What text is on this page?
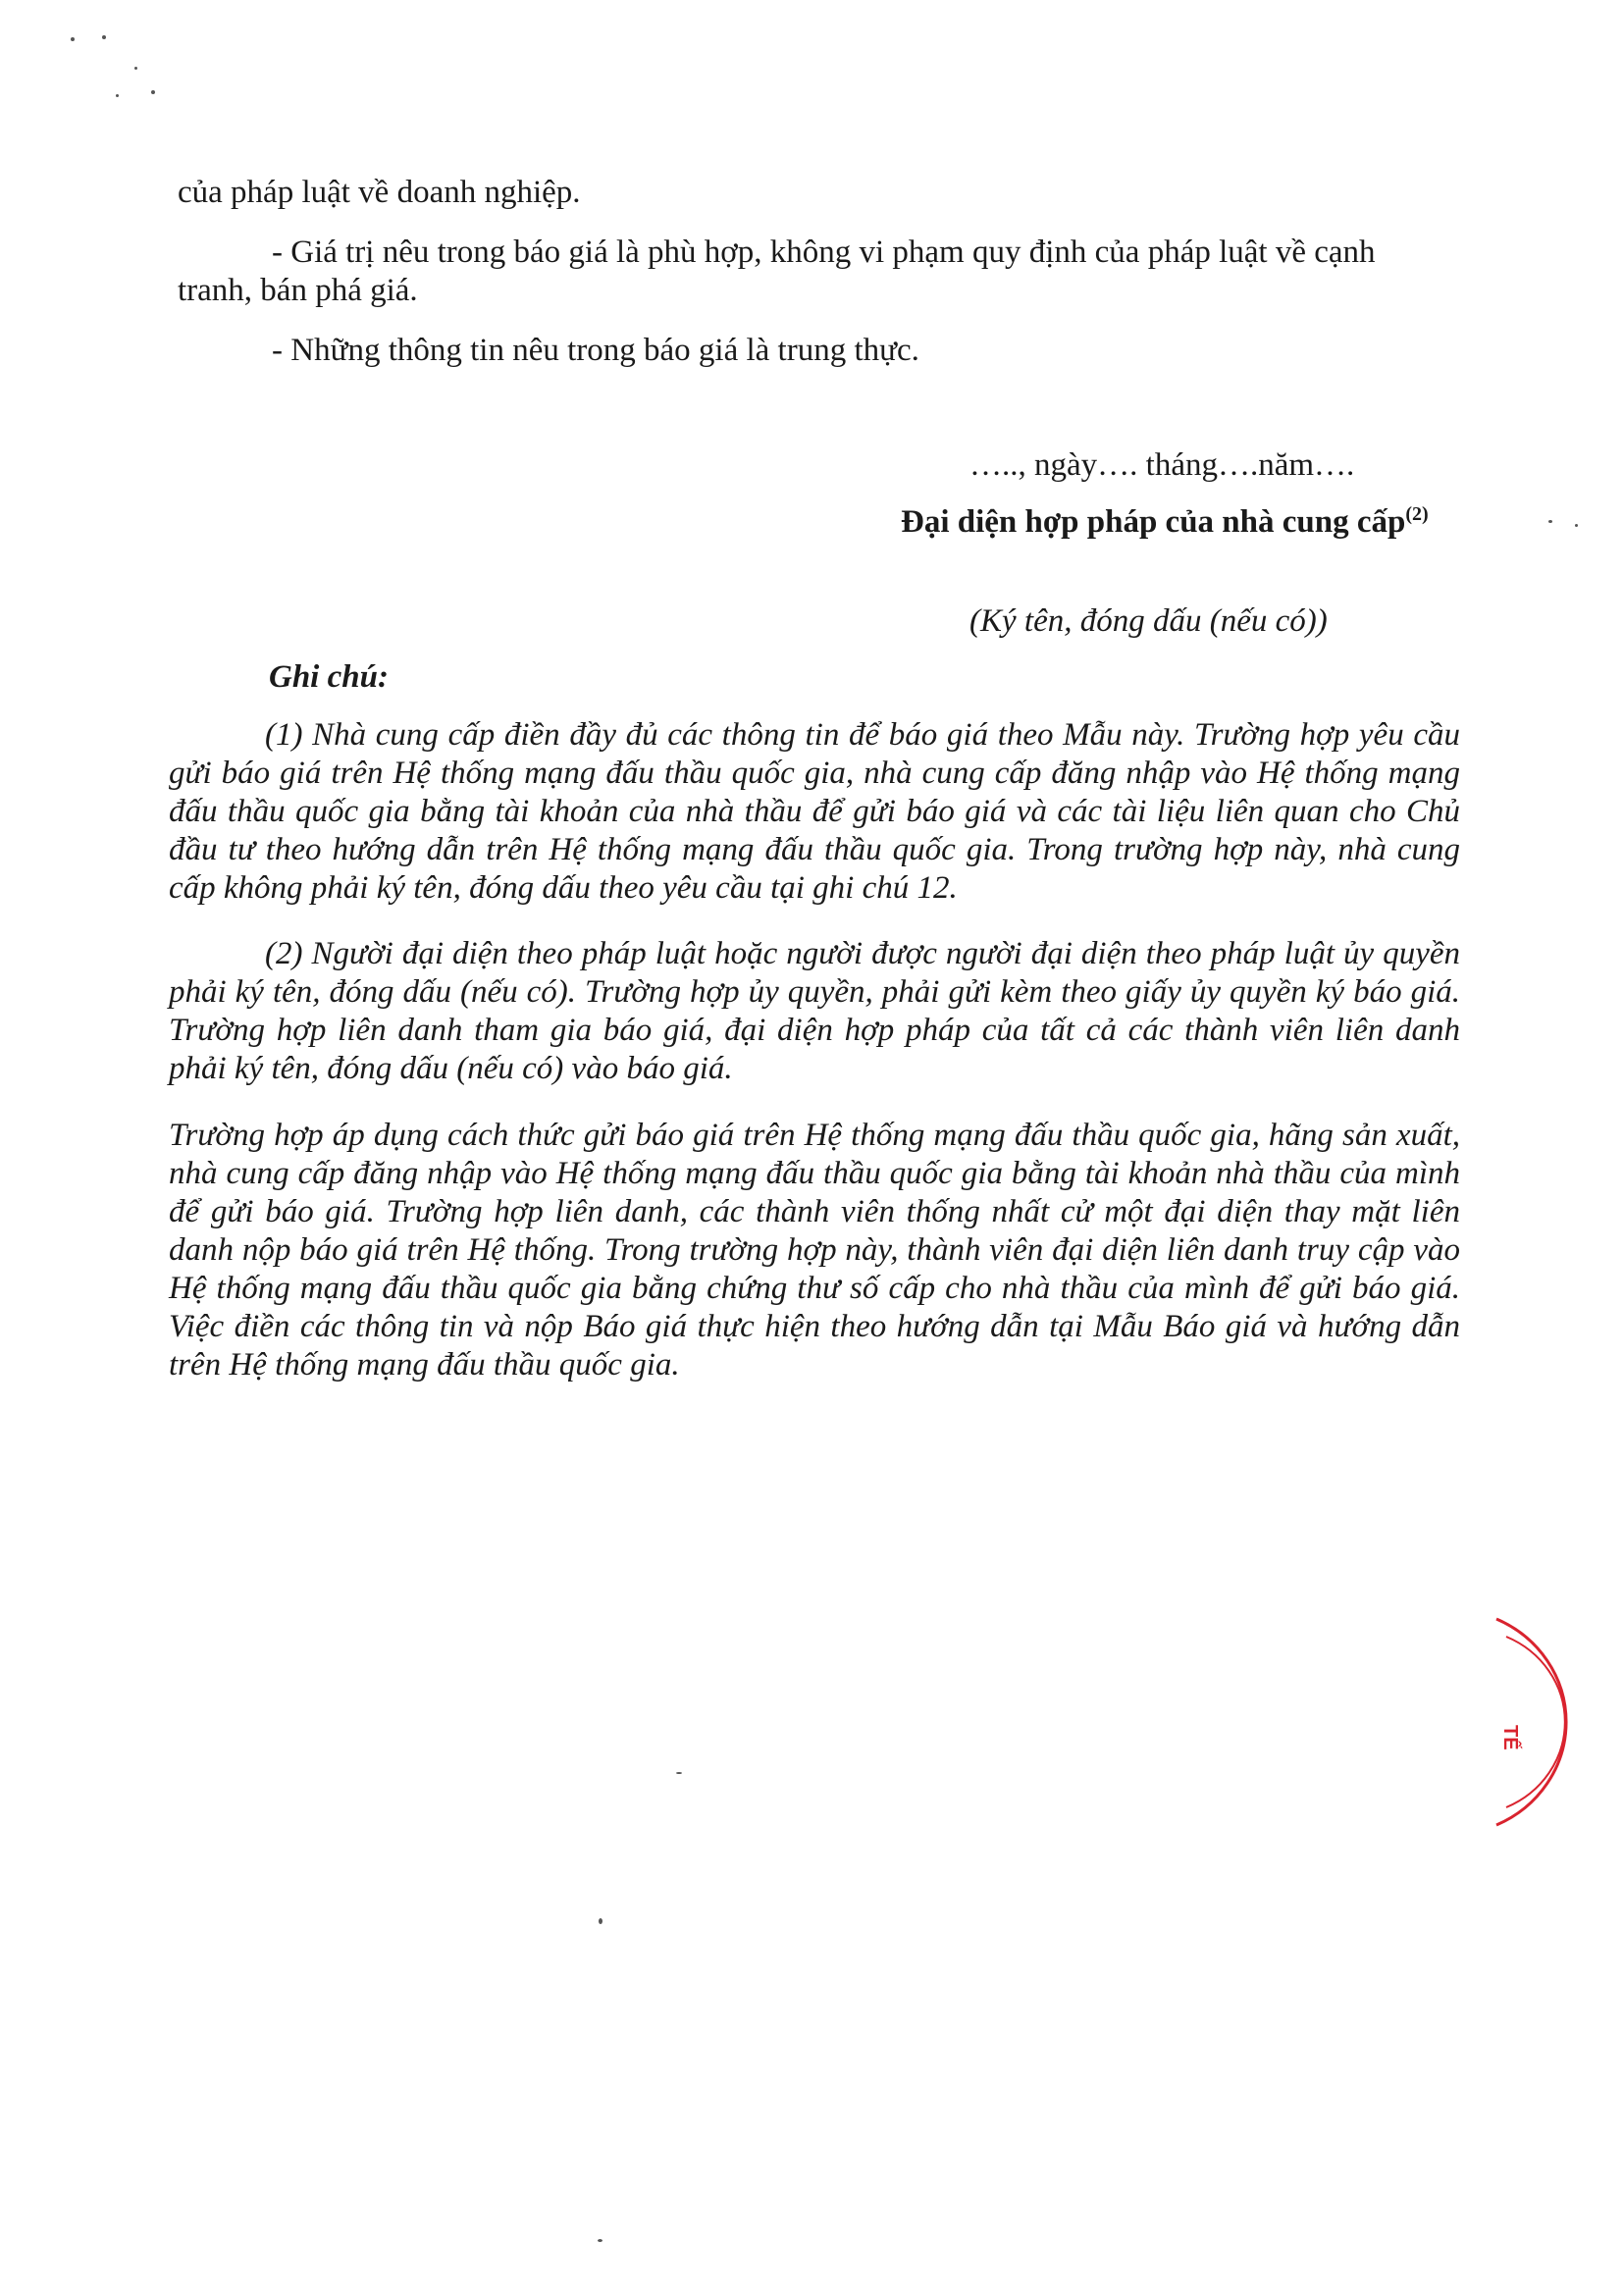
của pháp luật về doanh nghiệp.
- Giá trị nêu trong báo giá là phù hợp, không vi phạm quy định của pháp luật về cạnh
tranh, bán phá giá.
- Những thông tin nêu trong báo giá là trung thực.
….., ngày…. tháng….năm….
Đại diện hợp pháp của nhà cung cấp$^{(2)}$
(Ký tên, đóng dấu (nếu có))
Ghi chú:
(1) Nhà cung cấp điền đầy đủ các thông tin để báo giá theo Mẫu này. Trường hợp yêu cầu gửi báo giá trên Hệ thống mạng đấu thầu quốc gia, nhà cung cấp đăng nhập vào Hệ thống mạng đấu thầu quốc gia bằng tài khoản của nhà thầu để gửi báo giá và các tài liệu liên quan cho Chủ đầu tư theo hướng dẫn trên Hệ thống mạng đấu thầu quốc gia. Trong trường hợp này, nhà cung cấp không phải ký tên, đóng dấu theo yêu cầu tại ghi chú 12.
(2) Người đại diện theo pháp luật hoặc người được người đại diện theo pháp luật ủy quyền phải ký tên, đóng dấu (nếu có). Trường hợp ủy quyền, phải gửi kèm theo giấy ủy quyền ký báo giá. Trường hợp liên danh tham gia báo giá, đại diện hợp pháp của tất cả các thành viên liên danh phải ký tên, đóng dấu (nếu có) vào báo giá.
Trường hợp áp dụng cách thức gửi báo giá trên Hệ thống mạng đấu thầu quốc gia, hãng sản xuất, nhà cung cấp đăng nhập vào Hệ thống mạng đấu thầu quốc gia bằng tài khoản nhà thầu của mình để gửi báo giá. Trường hợp liên danh, các thành viên thống nhất cử một đại diện thay mặt liên danh nộp báo giá trên Hệ thống. Trong trường hợp này, thành viên đại diện liên danh truy cập vào Hệ thống mạng đấu thầu quốc gia bằng chứng thư số cấp cho nhà thầu của mình để gửi báo giá. Việc điền các thông tin và nộp Báo giá thực hiện theo hướng dẫn tại Mẫu Báo giá và hướng dẫn trên Hệ thống mạng đấu thầu quốc gia.
TẾ
